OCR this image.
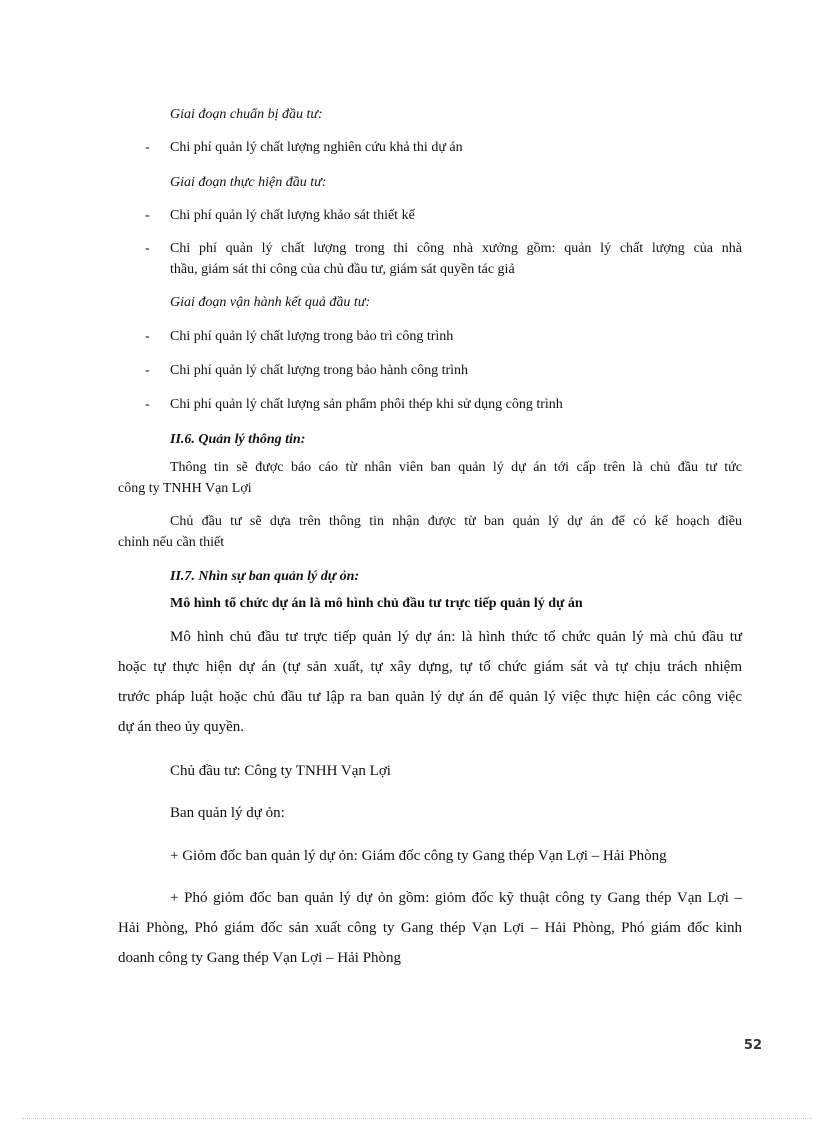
Giai đoạn chuẩn bị đầu tư:

- Chi phí quản lý chất lượng nghiên cứu khả thi dự án

Giai đoạn thực hiện đầu tư:

- Chi phí quản lý chất lượng khảo sát thiết kế

- Chi phí quản lý chất lượng trong thi công nhà xưởng gồm: quản lý chất lượng của nhà

thầu, giám sát thi công của chủ đầu tư, giám sát quyền tác giả

Giai đoạn vận hành kết quả đầu tư:

- Chi phí quản lý chất lượng trong bảo trì công trình

- Chi phí quản lý chất lượng trong bảo hành công trình

- Chi phí quản lý chất lượng sản phẩm phôi thép khi sử dụng công trình

II.6. Quản lý thông tin:

Thông tin sẽ được báo cáo từ nhân viên ban quản lý dự án tới cấp trên là chủ đầu tư tức

công ty TNHH Vạn Lợi

Chủ đầu tư sẽ dựa trên thông tin nhận được từ ban quản lý dự án để có kế hoạch điều

chỉnh nếu cần thiết

II.7. Nhìn sự ban quản lý dự ỏn:

Mô hình tổ chức dự án là mô hình chủ đầu tư trực tiếp quản lý dự án

Mô hình chủ đầu tư trực tiếp quản lý dự án: là hình thức tổ chức quản lý mà chủ đầu tư

hoặc tự thực hiện dự án (tự sản xuất, tự xây dựng, tự tổ chức giám sát và tự chịu trách nhiệm

trước pháp luật hoặc chủ đầu tư lập ra ban quản lý dự án để quản lý việc thực hiện các công việc

dự án theo ủy quyền.

Chủ đầu tư: Công ty TNHH Vạn Lợi

Ban quản lý dự ỏn:

+ Giỏm đốc ban quản lý dự ỏn: Giám đốc công ty Gang thép Vạn Lợi – Hải Phòng

+ Phó giỏm đốc ban quản lý dự ỏn gồm: giỏm đốc kỹ thuật công ty Gang thép Vạn Lợi –

Hải Phòng, Phó giám đốc sản xuất công ty Gang thép Vạn Lợi – Hải Phòng, Phó giám đốc kinh

doanh công ty Gang thép Vạn Lợi – Hải Phòng

52
